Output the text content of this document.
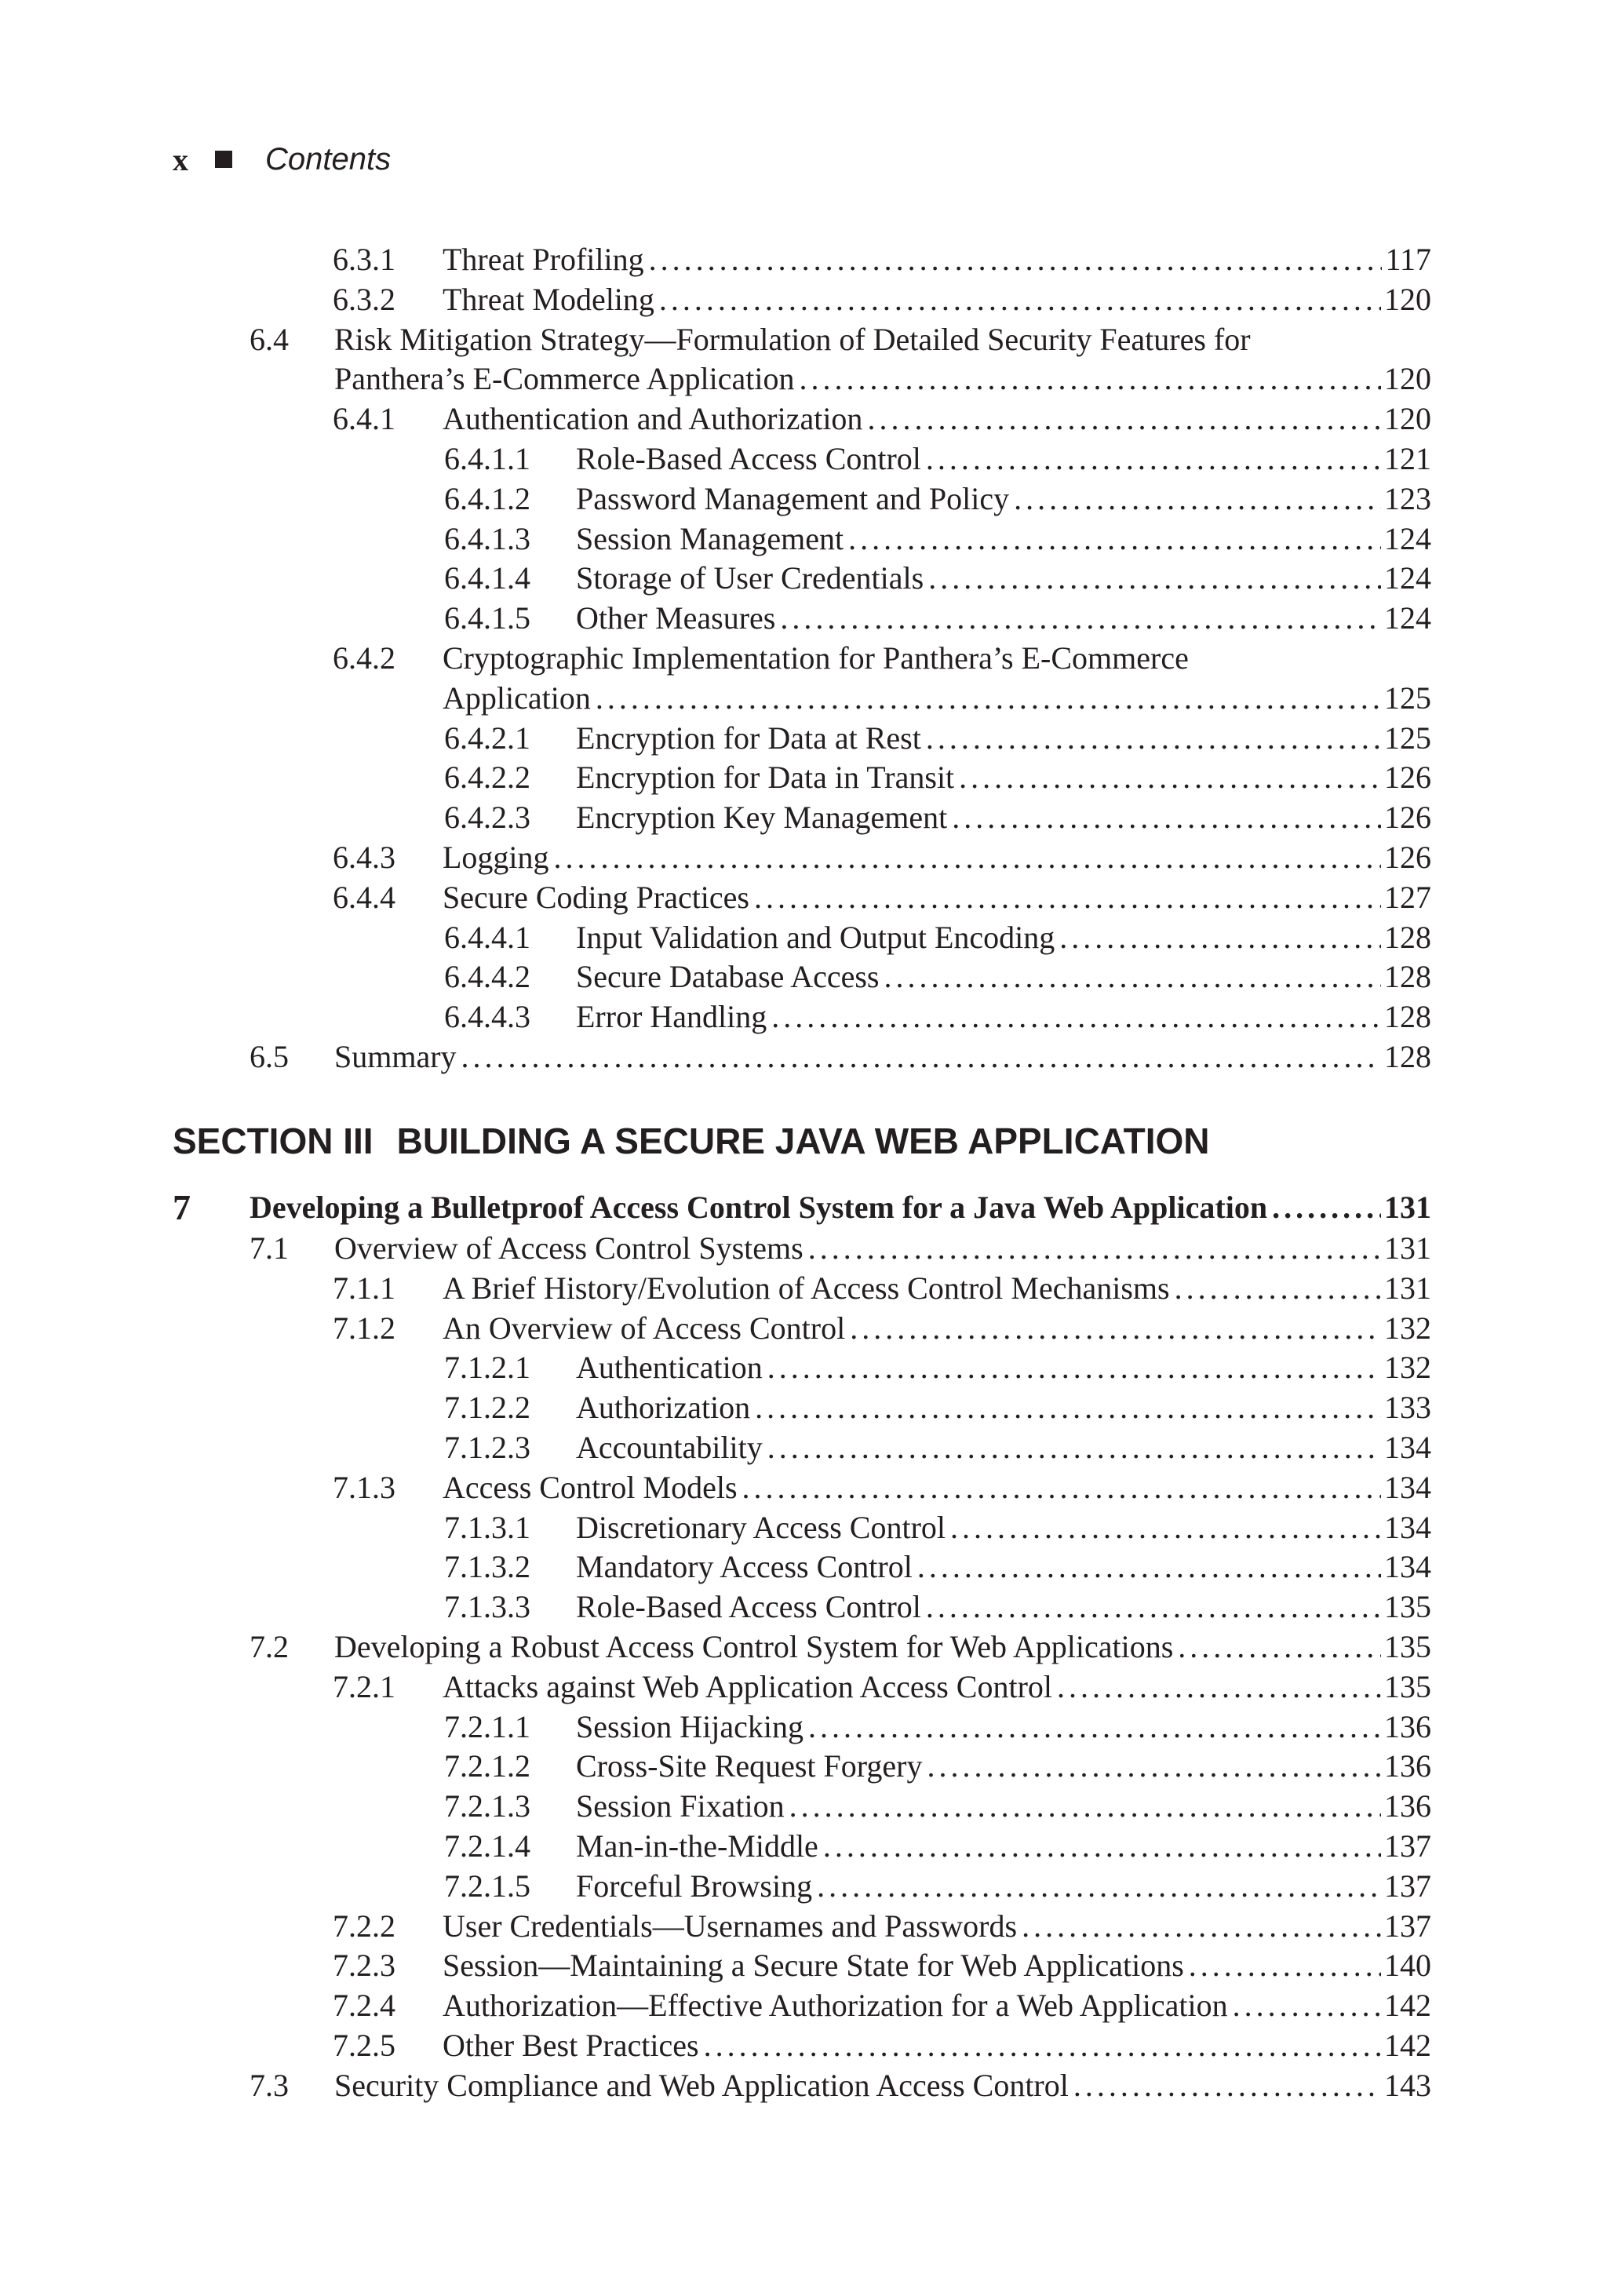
x Contents
6.3.1 Threat Profiling .....	117
6.3.2 Threat Modeling .....	120
6.4 Risk Mitigation Strategy—Formulation of Detailed Security Features for
Panthera’s E-Commerce Application .....	120
6.4.1 Authentication and Authorization .....	120
6.4.1.1 Role-Based Access Control .....	121
6.4.1.2 Password Management and Policy .....	123
6.4.1.3 Session Management .....	124
6.4.1.4 Storage of User Credentials .....	124
6.4.1.5 Other Measures .....	124
6.4.2 Cryptographic Implementation for Panthera’s E-Commerce
Application .....	125
6.4.2.1 Encryption for Data at Rest .....	125
6.4.2.2 Encryption for Data in Transit .....	126
6.4.2.3 Encryption Key Management .....	126
6.4.3 Logging .....	126
6.4.4 Secure Coding Practices .....	127
6.4.4.1 Input Validation and Output Encoding .....	128
6.4.4.2 Secure Database Access .....	128
6.4.4.3 Error Handling .....	128
6.5 Summary .....	128
SECTION III BUILDING A SECURE JAVA WEB APPLICATION
7 Developing a Bulletproof Access Control System for a Java Web Application .....	131
7.1 Overview of Access Control Systems .....	131
7.1.1 A Brief History/Evolution of Access Control Mechanisms .....	131
7.1.2 An Overview of Access Control .....	132
7.1.2.1 Authentication .....	132
7.1.2.2 Authorization .....	133
7.1.2.3 Accountability .....	134
7.1.3 Access Control Models .....	134
7.1.3.1 Discretionary Access Control .....	134
7.1.3.2 Mandatory Access Control .....	134
7.1.3.3 Role-Based Access Control .....	135
7.2 Developing a Robust Access Control System for Web Applications .....	135
7.2.1 Attacks against Web Application Access Control .....	135
7.2.1.1 Session Hijacking .....	136
7.2.1.2 Cross-Site Request Forgery .....	136
7.2.1.3 Session Fixation .....	136
7.2.1.4 Man-in-the-Middle .....	137
7.2.1.5 Forceful Browsing .....	137
7.2.2 User Credentials—Usernames and Passwords .....	137
7.2.3 Session—Maintaining a Secure State for Web Applications .....	140
7.2.4 Authorization—Effective Authorization for a Web Application .....	142
7.2.5 Other Best Practices .....	142
7.3 Security Compliance and Web Application Access Control .....	143
